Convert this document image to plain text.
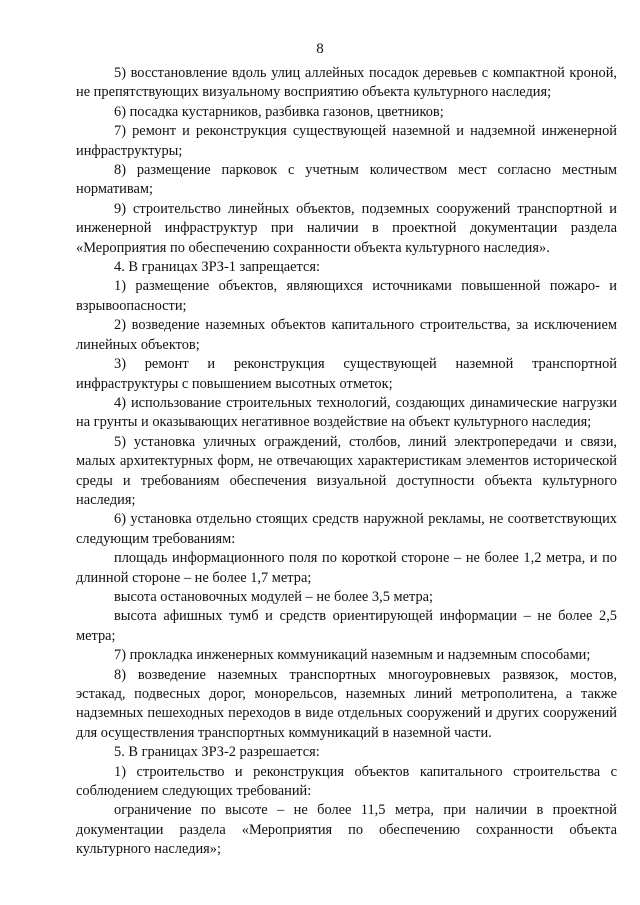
8

5) восстановление вдоль улиц аллейных посадок деревьев с компактной кроной, не препятствующих визуальному восприятию объекта культурного наследия;

6) посадка кустарников, разбивка газонов, цветников;

7) ремонт и реконструкция существующей наземной и надземной инженерной инфраструктуры;

8) размещение парковок с учетным количеством мест согласно местным нормативам;

9) строительство линейных объектов, подземных сооружений транспортной и инженерной инфраструктур при наличии в проектной документации раздела «Мероприятия по обеспечению сохранности объекта культурного наследия».

4. В границах ЗРЗ-1 запрещается:

1) размещение объектов, являющихся источниками повышенной пожаро- и взрывоопасности;

2) возведение наземных объектов капитального строительства, за исключением линейных объектов;

3) ремонт и реконструкция существующей наземной транспортной инфраструктуры с повышением высотных отметок;

4) использование строительных технологий, создающих динамические нагрузки на грунты и оказывающих негативное воздействие на объект культурного наследия;

5) установка уличных ограждений, столбов, линий электропередачи и связи, малых архитектурных форм, не отвечающих характеристикам элементов исторической среды и требованиям обеспечения визуальной доступности объекта культурного наследия;

6) установка отдельно стоящих средств наружной рекламы, не соответствующих следующим требованиям:

площадь информационного поля по короткой стороне – не более 1,2 метра, и по длинной стороне – не более 1,7 метра;

высота остановочных модулей – не более 3,5 метра;

высота афишных тумб и средств ориентирующей информации – не более 2,5 метра;

7) прокладка инженерных коммуникаций наземным и надземным способами;

8) возведение наземных транспортных многоуровневых развязок, мостов, эстакад, подвесных дорог, монорельсов, наземных линий метрополитена, а также надземных пешеходных переходов в виде отдельных сооружений и других сооружений для осуществления транспортных коммуникаций в наземной части.

5. В границах ЗРЗ-2 разрешается:

1) строительство и реконструкция объектов капитального строительства с соблюдением следующих требований:

ограничение по высоте – не более 11,5 метра, при наличии в проектной документации раздела «Мероприятия по обеспечению сохранности объекта культурного наследия»;
